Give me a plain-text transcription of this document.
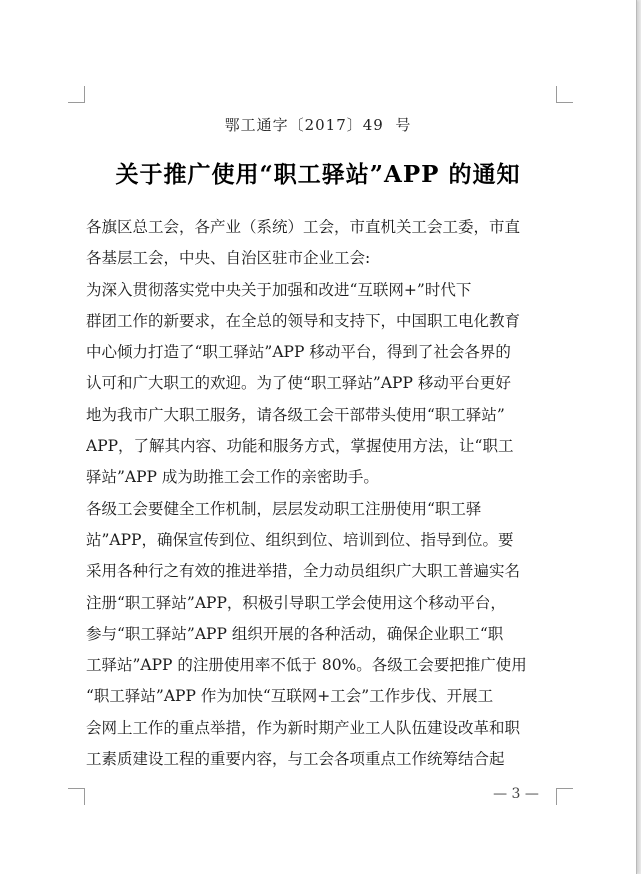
鄂工通字〔2017〕49  号
关于推广使用“职工驿站”APP 的通知
各旗区总工会，各产业（系统）工会，市直机关工会工委，市直
各基层工会，中央、自治区驻市企业工会:
为深入贯彻落实党中央关于加强和改进“互联网+”时代下
群团工作的新要求，在全总的领导和支持下，中国职工电化教育
中心倾力打造了“职工驿站”APP 移动平台，得到了社会各界的
认可和广大职工的欢迎。为了使“职工驿站”APP 移动平台更好
地为我市广大职工服务，请各级工会干部带头使用“职工驿站”
APP，了解其内容、功能和服务方式，掌握使用方法，让“职工
驿站”APP 成为助推工会工作的亲密助手。
各级工会要健全工作机制，层层发动职工注册使用“职工驿
站”APP，确保宣传到位、组织到位、培训到位、指导到位。要
采用各种行之有效的推进举措，全力动员组织广大职工普遍实名
注册“职工驿站”APP，积极引导职工学会使用这个移动平台，
参与“职工驿站”APP 组织开展的各种活动，确保企业职工“职
工驿站”APP 的注册使用率不低于 80%。各级工会要把推广使用
“职工驿站”APP 作为加快“互联网+工会”工作步伐、开展工
会网上工作的重点举措，作为新时期产业工人队伍建设改革和职
工素质建设工程的重要内容，与工会各项重点工作统筹结合起
— 3 —
